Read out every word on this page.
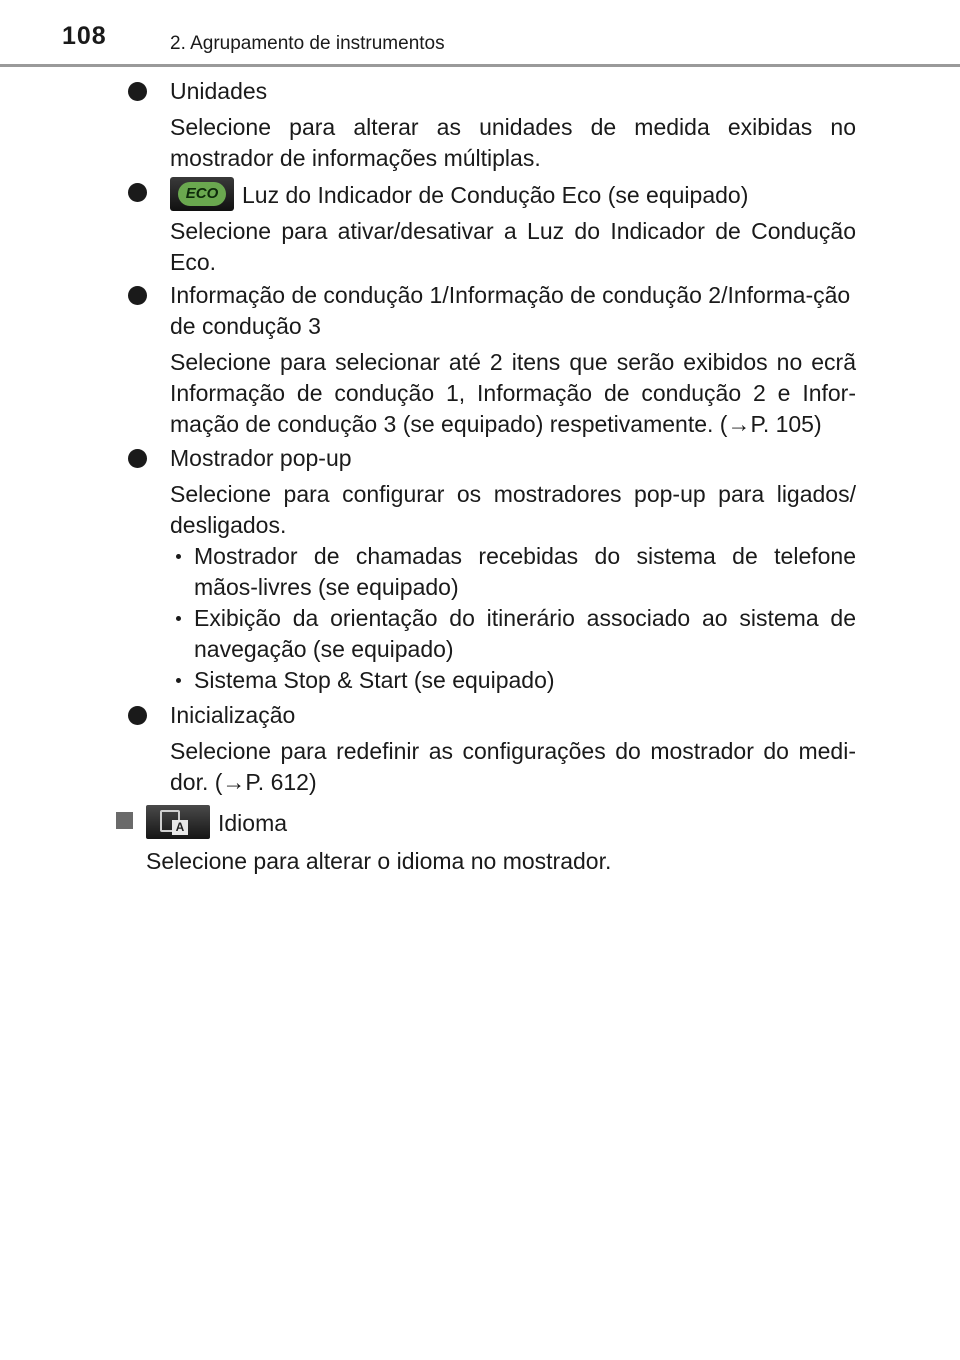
108	2. Agrupamento de instrumentos
Unidades
Selecione para alterar as unidades de medida exibidas no mostrador de informações múltiplas.
ECO	Luz do Indicador de Condução Eco (se equipado)
Selecione para ativar/desativar a Luz do Indicador de Condução Eco.
Informação de condução 1/Informação de condução 2/Informa-ção de condução 3
Selecione para selecionar até 2 itens que serão exibidos no ecrã Informação de condução 1, Informação de condução 2 e Infor-mação de condução 3 (se equipado) respetivamente. (→P. 105)
Mostrador pop-up
Selecione para configurar os mostradores pop-up para ligados/ desligados.
Mostrador de chamadas recebidas do sistema de telefone mãos-livres (se equipado)
Exibição da orientação do itinerário associado ao sistema de navegação (se equipado)
Sistema Stop & Start (se equipado)
Inicialização
Selecione para redefinir as configurações do mostrador do medi-dor. (→P. 612)
A Idioma
Selecione para alterar o idioma no mostrador.
